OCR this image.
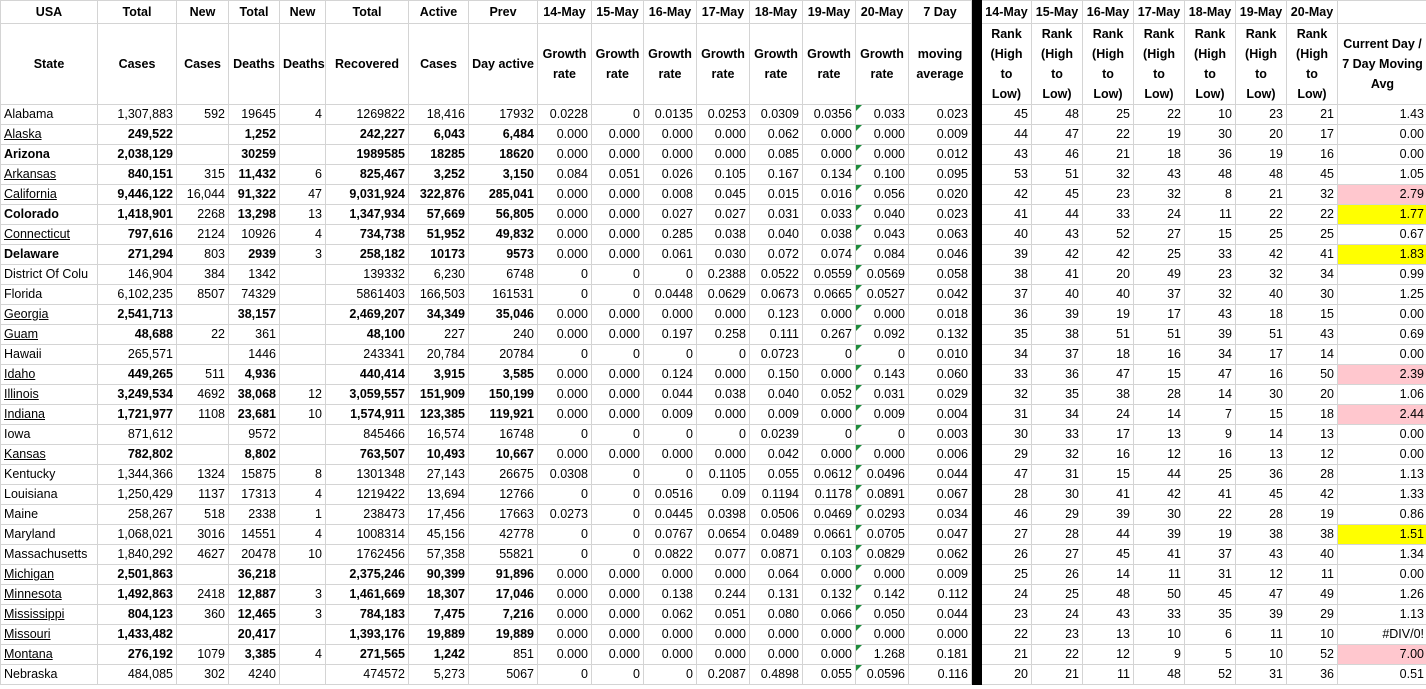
USA	Total	New	Total	New	Total	Active	Prev	14-May	15-May	16-May	17-May	18-May	19-May	20-May	7 Day		14-May	15-May	16-May	17-May	18-May	19-May	20-May	
State	Cases	Cases	Deaths	Deaths	Recovered	Cases	Day active	Growth rate	Growth rate	Growth rate	Growth rate	Growth rate	Growth rate	Growth rate	moving average		Rank (High to Low)	Rank (High to Low)	Rank (High to Low)	Rank (High to Low)	Rank (High to Low)	Rank (High to Low)	Rank (High to Low)	Current Day / 7 Day Moving Avg
Alabama	1,307,883	592	19645	4	1269822	18,416	17932	0.0228	0	0.0135	0.0253	0.0309	0.0356	0.033	0.023		45	48	25	22	10	23	21	1.43
Alaska	249,522		1,252		242,227	6,043	6,484	0.000	0.000	0.000	0.000	0.062	0.000	0.000	0.009		44	47	22	19	30	20	17	0.00
Arizona	2,038,129		30259		1989585	18285	18620	0.000	0.000	0.000	0.000	0.085	0.000	0.000	0.012		43	46	21	18	36	19	16	0.00
Arkansas	840,151	315	11,432	6	825,467	3,252	3,150	0.084	0.051	0.026	0.105	0.167	0.134	0.100	0.095		53	51	32	43	48	48	45	1.05
California	9,446,122	16,044	91,322	47	9,031,924	322,876	285,041	0.000	0.000	0.008	0.045	0.015	0.016	0.056	0.020		42	45	23	32	8	21	32	2.79
Colorado	1,418,901	2268	13,298	13	1,347,934	57,669	56,805	0.000	0.000	0.027	0.027	0.031	0.033	0.040	0.023		41	44	33	24	11	22	22	1.77
Connecticut	797,616	2124	10926	4	734,738	51,952	49,832	0.000	0.000	0.285	0.038	0.040	0.038	0.043	0.063		40	43	52	27	15	25	25	0.67
Delaware	271,294	803	2939	3	258,182	10173	9573	0.000	0.000	0.061	0.030	0.072	0.074	0.084	0.046		39	42	42	25	33	42	41	1.83
District Of Colu	146,904	384	1342		139332	6,230	6748	0	0	0	0.2388	0.0522	0.0559	0.0569	0.058		38	41	20	49	23	32	34	0.99
Florida	6,102,235	8507	74329		5861403	166,503	161531	0	0	0.0448	0.0629	0.0673	0.0665	0.0527	0.042		37	40	40	37	32	40	30	1.25
Georgia	2,541,713		38,157		2,469,207	34,349	35,046	0.000	0.000	0.000	0.000	0.123	0.000	0.000	0.018		36	39	19	17	43	18	15	0.00
Guam	48,688	22	361		48,100	227	240	0.000	0.000	0.197	0.258	0.111	0.267	0.092	0.132		35	38	51	51	39	51	43	0.69
Hawaii	265,571		1446		243341	20,784	20784	0	0	0	0	0.0723	0	0	0.010		34	37	18	16	34	17	14	0.00
Idaho	449,265	511	4,936		440,414	3,915	3,585	0.000	0.000	0.124	0.000	0.150	0.000	0.143	0.060		33	36	47	15	47	16	50	2.39
Illinois	3,249,534	4692	38,068	12	3,059,557	151,909	150,199	0.000	0.000	0.044	0.038	0.040	0.052	0.031	0.029		32	35	38	28	14	30	20	1.06
Indiana	1,721,977	1108	23,681	10	1,574,911	123,385	119,921	0.000	0.000	0.009	0.000	0.009	0.000	0.009	0.004		31	34	24	14	7	15	18	2.44
Iowa	871,612		9572		845466	16,574	16748	0	0	0	0	0.0239	0	0	0.003		30	33	17	13	9	14	13	0.00
Kansas	782,802		8,802		763,507	10,493	10,667	0.000	0.000	0.000	0.000	0.042	0.000	0.000	0.006		29	32	16	12	16	13	12	0.00
Kentucky	1,344,366	1324	15875	8	1301348	27,143	26675	0.0308	0	0	0.1105	0.055	0.0612	0.0496	0.044		47	31	15	44	25	36	28	1.13
Louisiana	1,250,429	1137	17313	4	1219422	13,694	12766	0	0	0.0516	0.09	0.1194	0.1178	0.0891	0.067		28	30	41	42	41	45	42	1.33
Maine	258,267	518	2338	1	238473	17,456	17663	0.0273	0	0.0445	0.0398	0.0506	0.0469	0.0293	0.034		46	29	39	30	22	28	19	0.86
Maryland	1,068,021	3016	14551	4	1008314	45,156	42778	0	0	0.0767	0.0654	0.0489	0.0661	0.0705	0.047		27	28	44	39	19	38	38	1.51
Massachusetts	1,840,292	4627	20478	10	1762456	57,358	55821	0	0	0.0822	0.077	0.0871	0.103	0.0829	0.062		26	27	45	41	37	43	40	1.34
Michigan	2,501,863		36,218		2,375,246	90,399	91,896	0.000	0.000	0.000	0.000	0.064	0.000	0.000	0.009		25	26	14	11	31	12	11	0.00
Minnesota	1,492,863	2418	12,887	3	1,461,669	18,307	17,046	0.000	0.000	0.138	0.244	0.131	0.132	0.142	0.112		24	25	48	50	45	47	49	1.26
Mississippi	804,123	360	12,465	3	784,183	7,475	7,216	0.000	0.000	0.062	0.051	0.080	0.066	0.050	0.044		23	24	43	33	35	39	29	1.13
Missouri	1,433,482		20,417		1,393,176	19,889	19,889	0.000	0.000	0.000	0.000	0.000	0.000	0.000	0.000		22	23	13	10	6	11	10	#DIV/0!
Montana	276,192	1079	3,385	4	271,565	1,242	851	0.000	0.000	0.000	0.000	0.000	0.000	1.268	0.181		21	22	12	9	5	10	52	7.00
Nebraska	484,085	302	4240		474572	5,273	5067	0	0	0	0.2087	0.4898	0.055	0.0596	0.116		20	21	11	48	52	31	36	0.51
